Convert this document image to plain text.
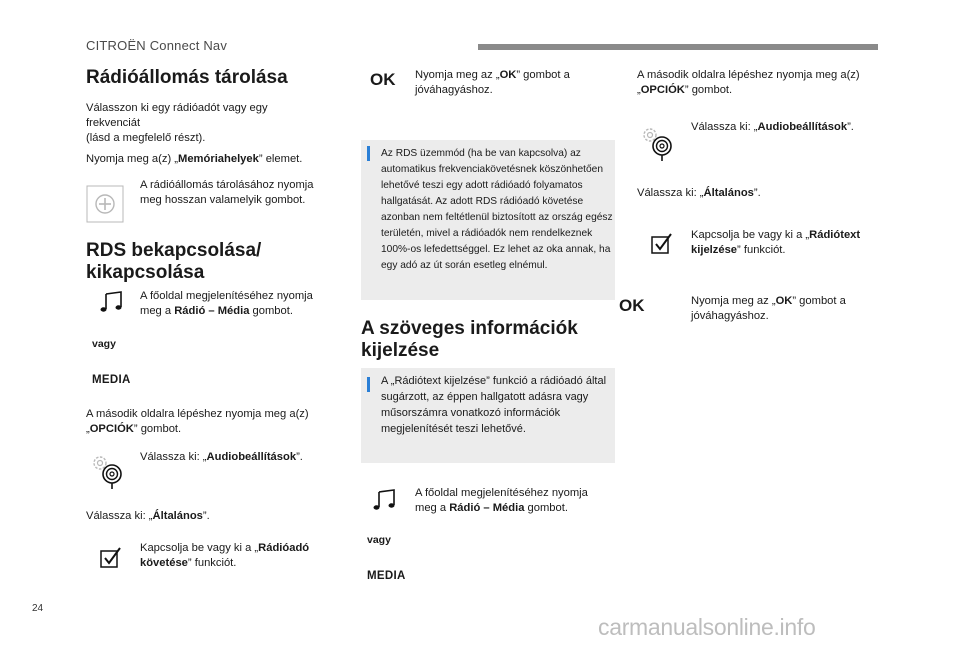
CITROËN Connect Nav
Rádióállomás tárolása

Válasszon ki egy rádióadót vagy egy frekvenciát

(lásd a megfelelő részt).

Nyomja meg a(z) „Memóriahelyek” elemet.

A rádióállomás tárolásához nyomja meg hosszan valamelyik gombot.

RDS bekapcsolása/
kikapcsolása

A főoldal megjelenítéséhez nyomja meg a Rádió – Média gombot.

vagy
MEDIA

A második oldalra lépéshez nyomja meg a(z) „OPCIÓK” gombot.

Válassza ki: „Audiobeállítások”.

Válassza ki: „Általános”.

Kapcsolja be vagy ki a „Rádióadó követése” funkciót.

OK Nyomja meg az „OK” gombot a jóváhagyáshoz.

Az RDS üzemmód (ha be van kapcsolva) az automatikus frekvenciakövetésnek köszönhetően lehetővé teszi egy adott rádióadó folyamatos hallgatását. Az adott RDS rádióadó követése azonban nem feltétlenül biztosított az ország egész területén, mivel a rádióadók nem rendelkeznek 100%-os lefedettséggel. Ez lehet az oka annak, ha egy adó az út során esetleg elnémul.
A szöveges információk
kijelzése
A „Rádiótext kijelzése” funkció a rádióadó által sugárzott, az éppen hallgatott adásra vagy műsorszámra vonatkozó információk megjelenítését teszi lehetővé.

A főoldal megjelenítéséhez nyomja meg a Rádió – Média gombot.

vagy
MEDIA

A második oldalra lépéshez nyomja meg a(z) „OPCIÓK” gombot.

Válassza ki: „Audiobeállítások”.

Válassza ki: „Általános”.

Kapcsolja be vagy ki a „Rádiótext kijelzése” funkciót.

OK	Nyomja meg az „OK” gombot a jóváhagyáshoz.

24
carmanualsonline.info
